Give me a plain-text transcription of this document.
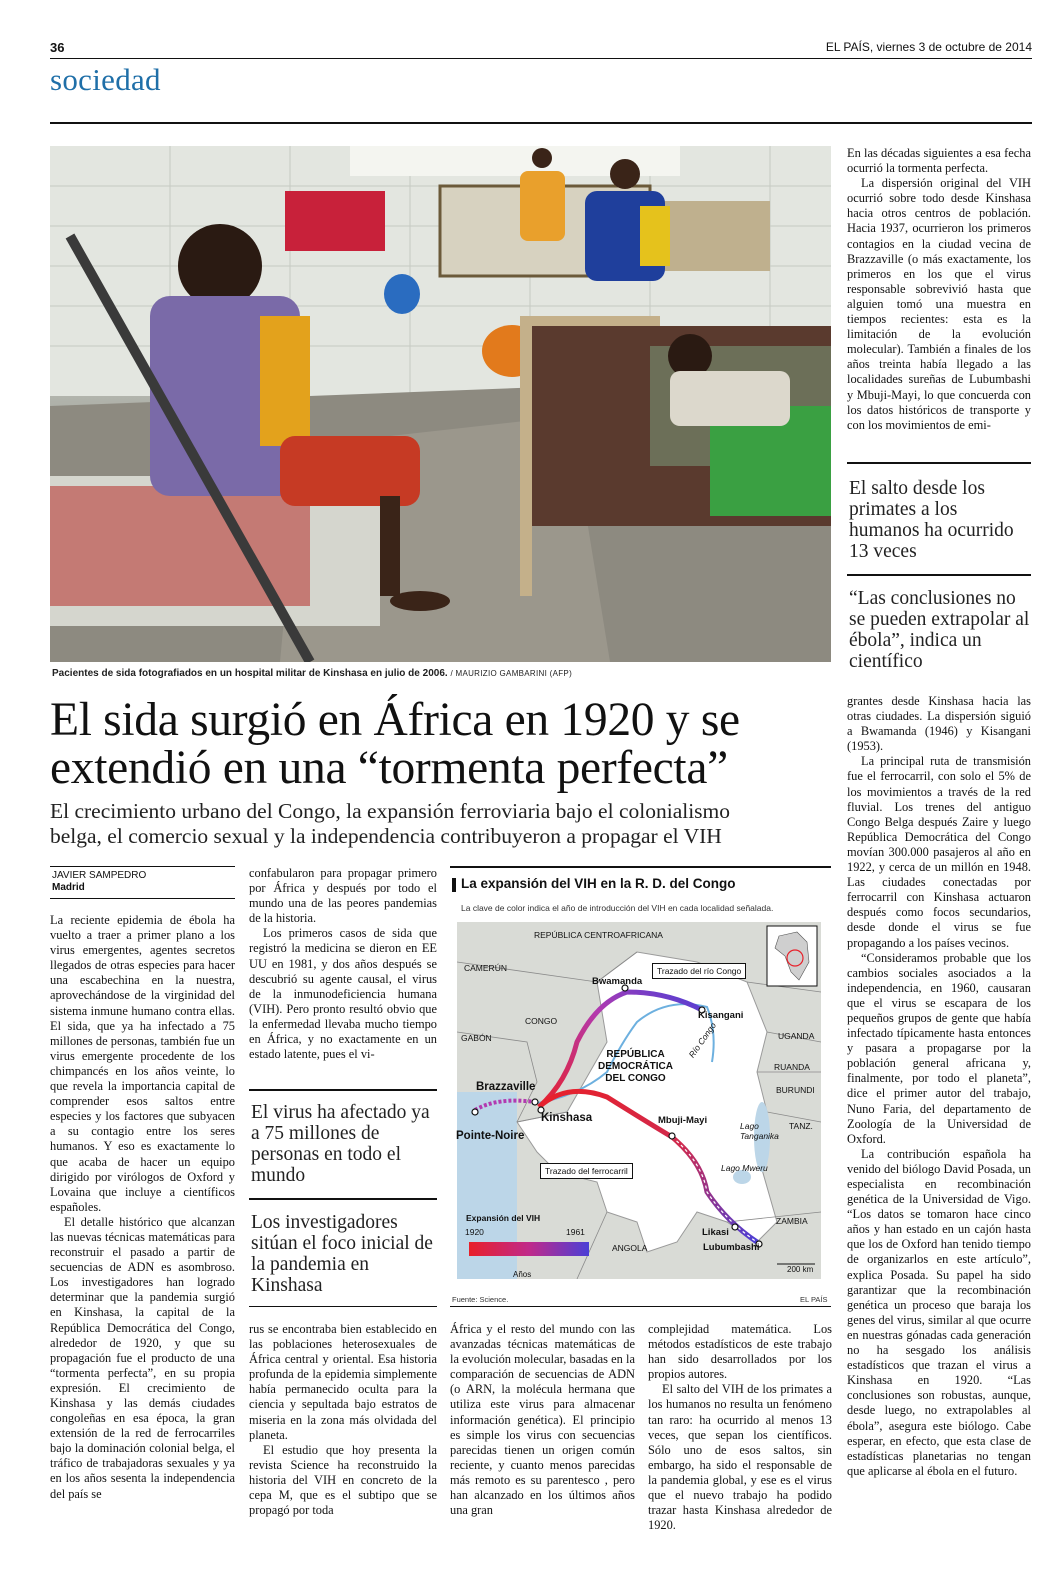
36	EL PAÍS, viernes 3 de octubre de 2014
sociedad
Pacientes de sida fotografiados en un hospital militar de Kinshasa en julio de 2006. / MAURIZIO GAMBARINI (AFP)

En las décadas siguientes a esa fecha ocurrió la tormenta perfecta.

La dispersión original del VIH ocurrió sobre todo desde Kinshasa hacia otros centros de población. Hacia 1937, ocurrieron los primeros contagios en la ciudad vecina de Brazzaville (o más exactamente, los primeros en los que el virus responsable sobrevivió hasta que alguien tomó una muestra en tiempos recientes: esta es la limitación de la evolución molecular). También a finales de los años treinta había llegado a las localidades sureñas de Lubumbashi y Mbuji-Mayi, lo que concuerda con los datos históricos de transporte y con los movimientos de emi-

El salto desde los primates a los humanos ha ocurrido 13 veces
“Las conclusiones no se pueden extrapolar al ébola”, indica un científico
El sida surgió en África en 1920 y se
extendió en una “tormenta perfecta”
El crecimiento urbano del Congo, la expansión ferroviaria bajo el colonialismo
belga, el comercio sexual y la independencia contribuyeron a propagar el VIH
JAVIER SAMPEDRO
Madrid

La reciente epidemia de ébola ha vuelto a traer a primer plano a los virus emergentes, agentes secretos llegados de otras especies para hacer una escabechina en la nuestra, aprovechándose de la virginidad del sistema inmune humano contra ellas. El sida, que ya ha infectado a 75 millones de personas, también fue un virus emergente procedente de los chimpancés en los años veinte, lo que revela la importancia capital de comprender esos saltos entre especies y los factores que subyacen a su contagio entre los seres humanos. Y eso es exactamente lo que acaba de hacer un equipo dirigido por virólogos de Oxford y Lovaina que incluye a científicos españoles.

El detalle histórico que alcanzan las nuevas técnicas matemáticas para reconstruir el pasado a partir de secuencias de ADN es asombroso. Los investigadores han logrado determinar que la pandemia surgió en Kinshasa, la capital de la República Democrática del Congo, alrededor de 1920, y que su propagación fue el producto de una “tormenta perfecta”, en su propia expresión. El crecimiento de Kinshasa y las demás ciudades congoleñas en esa época, la gran extensión de la red de ferrocarriles bajo la dominación colonial belga, el tráfico de trabajadoras sexuales y ya en los años sesenta la independencia del país se

confabularon para propagar primero por África y después por todo el mundo una de las peores pandemias de la historia.

Los primeros casos de sida que registró la medicina se dieron en EE UU en 1981, y dos años después se descubrió su agente causal, el virus de la inmunodeficiencia humana (VIH). Pero pronto resultó obvio que la enfermedad llevaba mucho tiempo en África, y no exactamente en un estado latente, pues el vi-

El virus ha afectado ya a 75 millones de personas en todo el mundo
Los investigadores sitúan el foco inicial de la pandemia en Kinshasa
La expansión del VIH en la R. D. del Congo
La clave de color indica el año de introducción del VIH en cada localidad señalada.
REPÚBLICA CENTROAFRICANA
CAMERÚN
GABÓN
CONGO
REPÚBLICA
DEMOCRÁTICA
DEL CONGO
UGANDA
RUANDA
BURUNDI
TANZ.
ZAMBIA
ANGOLA
Bwamanda
Kisangani
Brazzaville
Kinshasa
Pointe-Noire
Mbuji-Mayi
Likasi
Lubumbashi
Río Congo
Lago
Tanganika
Lago Mweru
Trazado del río Congo
Trazado del ferrocarril
Expansión del VIH
1920	1961
Años
200 km
Fuente: Science.	EL PAÍS

rus se encontraba bien establecido en las poblaciones heterosexuales de África central y oriental. Esa historia profunda de la epidemia simplemente había permanecido oculta para la ciencia y sepultada bajo estratos de miseria en la zona más olvidada del planeta.

El estudio que hoy presenta la revista Science ha reconstruido la historia del VIH en concreto de la cepa M, que es el subtipo que se propagó por toda

África y el resto del mundo con las avanzadas técnicas matemáticas de la evolución molecular, basadas en la comparación de secuencias de ADN (o ARN, la molécula hermana que utiliza este virus para almacenar información genética). El principio es simple los virus con secuencias parecidas tienen un origen común reciente, y cuanto menos parecidas más remoto es su parentesco , pero han alcanzado en los últimos años una gran

complejidad matemática. Los métodos estadísticos de este trabajo han sido desarrollados por los propios autores.

El salto del VIH de los primates a los humanos no resulta un fenómeno tan raro: ha ocurrido al menos 13 veces, que sepan los científicos. Sólo uno de esos saltos, sin embargo, ha sido el responsable de la pandemia global, y ese es el virus que el nuevo trabajo ha podido trazar hasta Kinshasa alrededor de 1920.

grantes desde Kinshasa hacia las otras ciudades. La dispersión siguió a Bwamanda (1946) y Kisangani (1953).

La principal ruta de transmisión fue el ferrocarril, con solo el 5% de los movimientos a través de la red fluvial. Los trenes del antiguo Congo Belga después Zaire y luego República Democrática del Congo movían 300.000 pasajeros al año en 1922, y cerca de un millón en 1948. Las ciudades conectadas por ferrocarril con Kinshasa actuaron después como focos secundarios, desde donde el virus se fue propagando a los países vecinos.

“Consideramos probable que los cambios sociales asociados a la independencia, en 1960, causaran que el virus se escapara de los pequeños grupos de gente que había infectado típicamente hasta entonces y pasara a propagarse por la población general africana y, finalmente, por todo el planeta”, dice el primer autor del trabajo, Nuno Faria, del departamento de Zoología de la Universidad de Oxford.

La contribución española ha venido del biólogo David Posada, un especialista en recombinación genética de la Universidad de Vigo. “Los datos se tomaron hace cinco años y han estado en un cajón hasta que los de Oxford han tenido tiempo de organizarlos en este artículo”, explica Posada. Su papel ha sido garantizar que la recombinación genética un proceso que baraja los genes del virus, similar al que ocurre en nuestras gónadas cada generación no ha sesgado los análisis estadísticos que trazan el virus a Kinshasa en 1920. “Las conclusiones son robustas, aunque, desde luego, no extrapolables al ébola”, asegura este biólogo. Cabe esperar, en efecto, que esta clase de estadísticas planetarias no tengan que aplicarse al ébola en el futuro.
